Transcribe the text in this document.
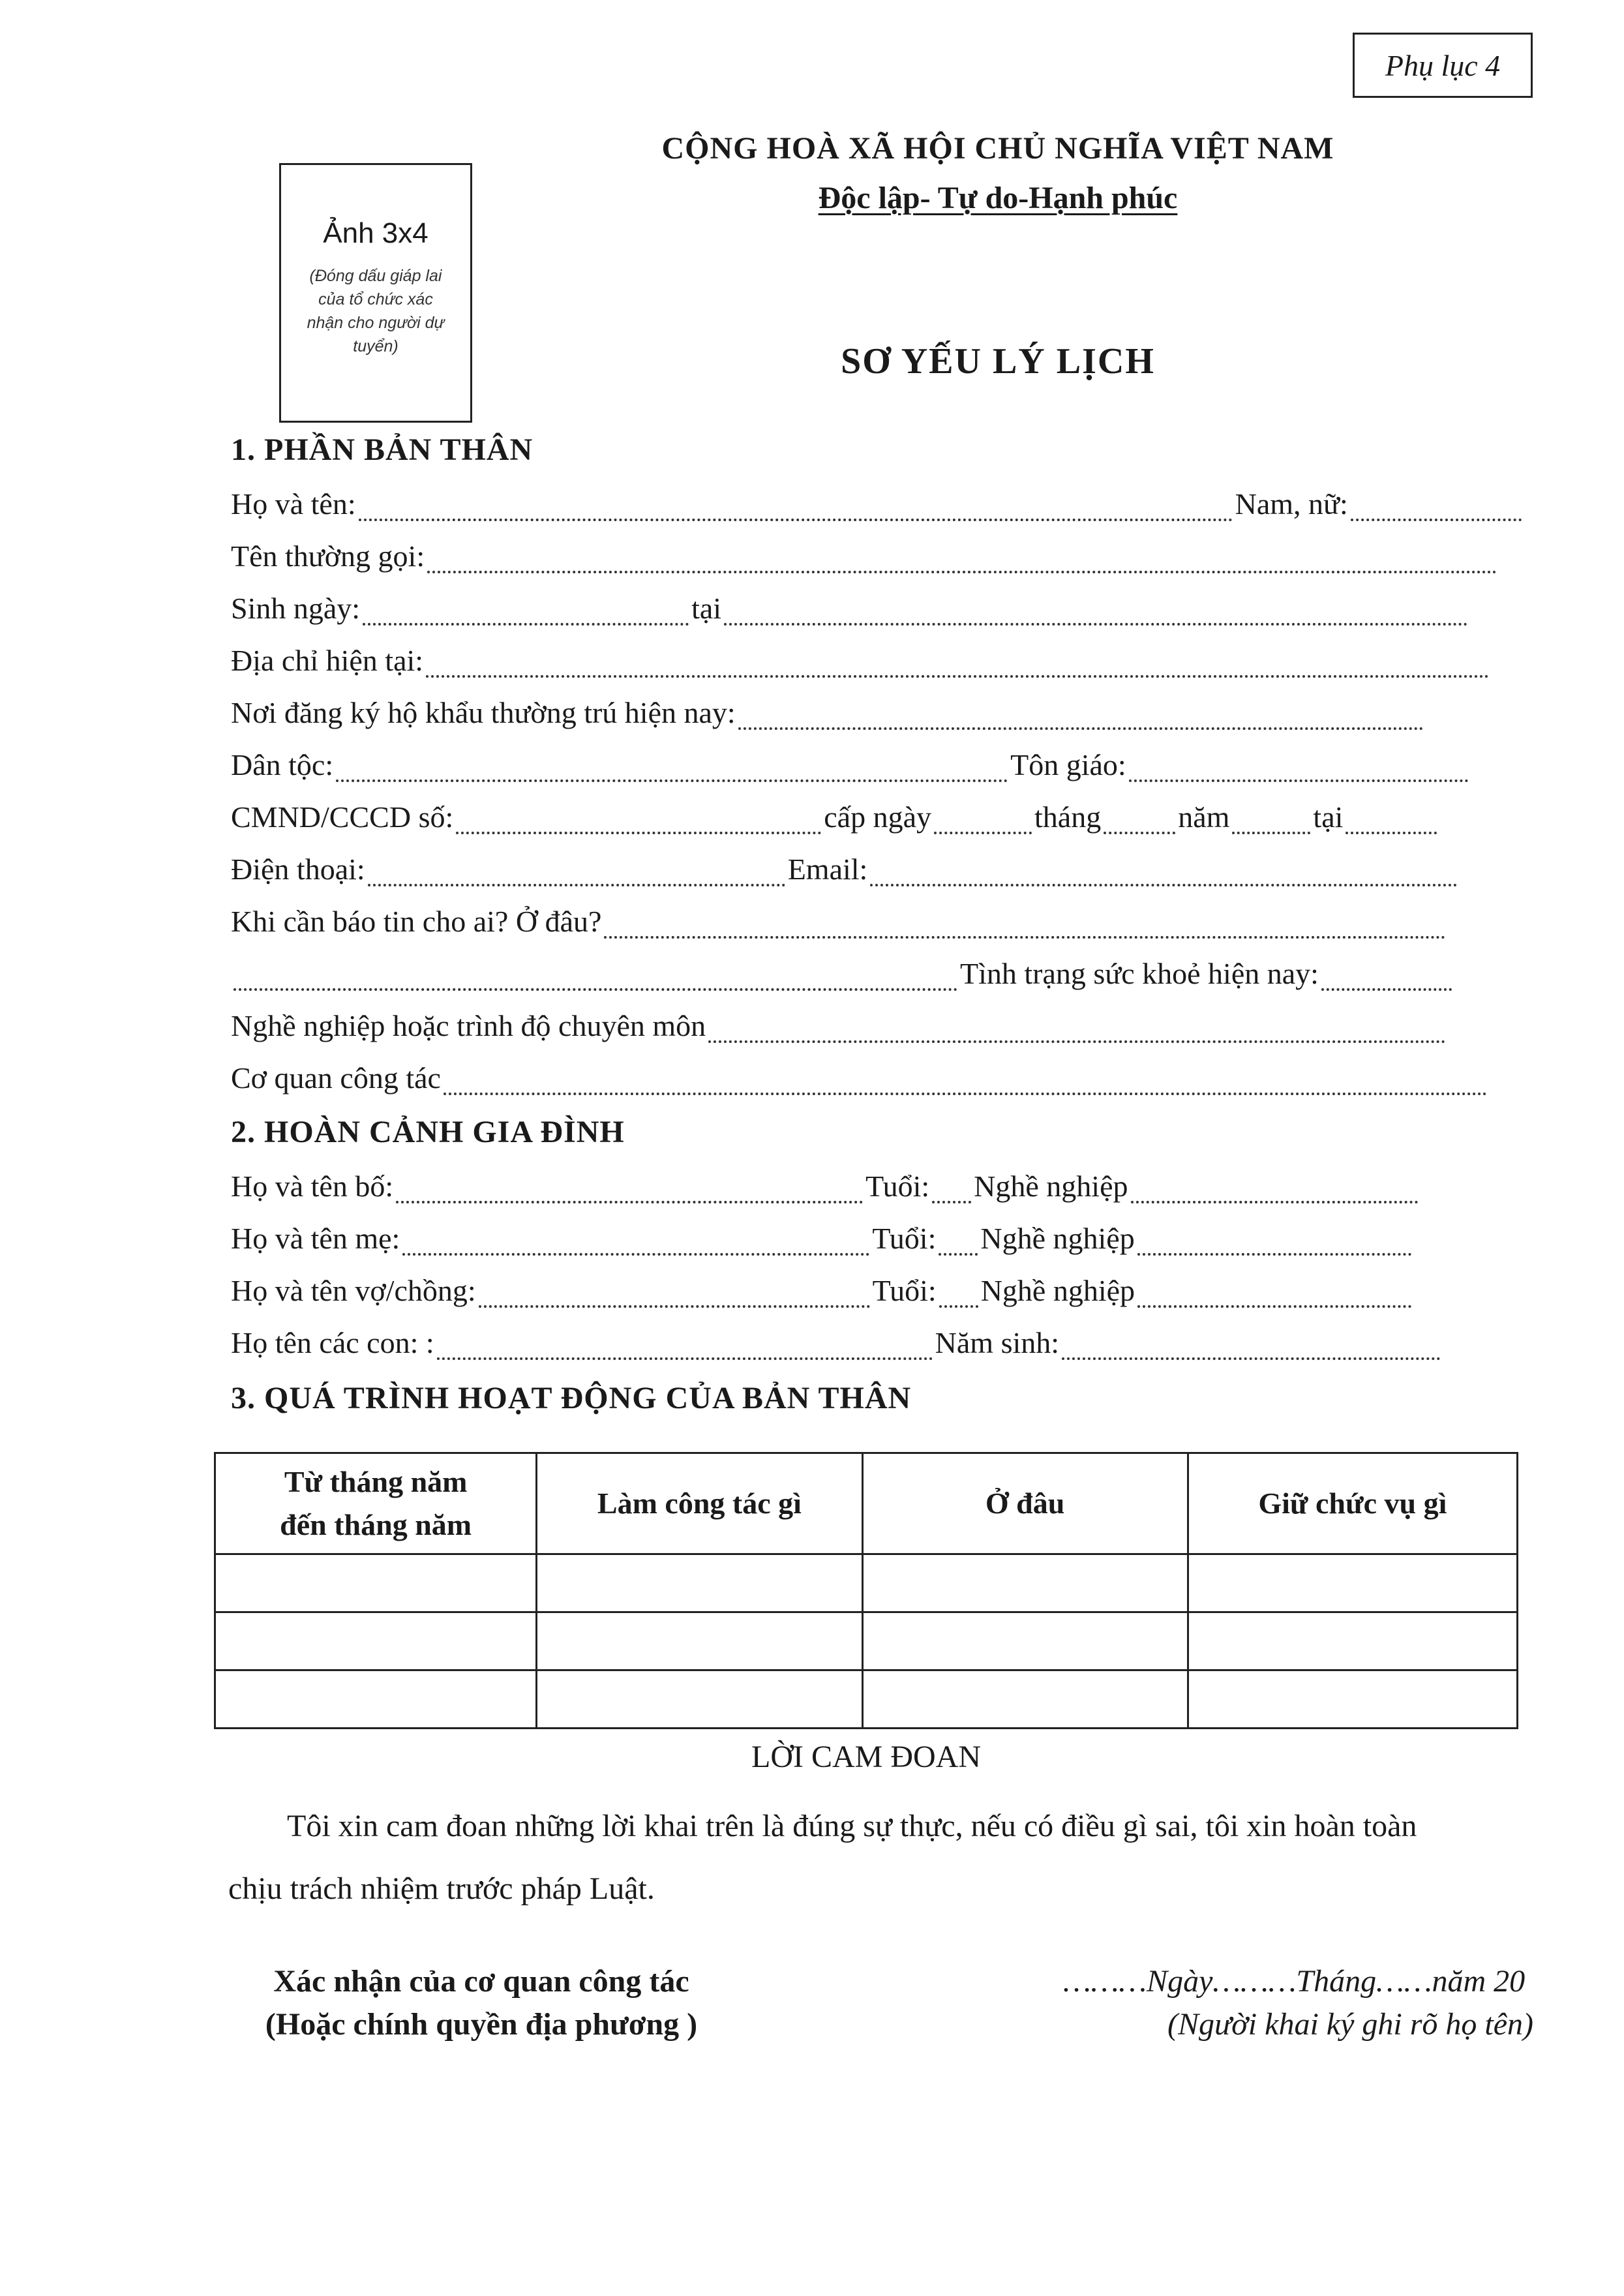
Phụ lục 4
Ảnh 3x4
(Đóng dấu giáp lai của tổ chức xác nhận cho người dự tuyển)
CỘNG HOÀ XÃ HỘI CHỦ NGHĨA VIỆT NAM
Độc lập- Tự do-Hạnh phúc
SƠ YẾU LÝ LỊCH
1. PHẦN BẢN THÂN
Họ và tên:	Nam, nữ:
Tên thường gọi:
Sinh ngày:	tại
Địa chỉ hiện tại:
Nơi đăng ký hộ khẩu thường trú hiện nay:
Dân tộc:	Tôn giáo:
CMND/CCCD số:	cấp ngày	tháng	năm	tại
Điện thoại:	Email:
Khi cần báo tin cho ai? Ở đâu?
Tình trạng sức khoẻ hiện nay:
Nghề nghiệp hoặc trình độ chuyên môn
Cơ quan công tác
2. HOÀN CẢNH GIA ĐÌNH
Họ và tên bố:	Tuổi: Nghề nghiệp
Họ và tên mẹ:	Tuổi: Nghề nghiệp
Họ và tên vợ/chồng:	Tuổi: Nghề nghiệp
Họ tên các con: :	Năm sinh:
3. QUÁ TRÌNH HOẠT ĐỘNG CỦA BẢN THÂN
Từ tháng năm
đến tháng năm	Làm công tác gì	Ở đâu	Giữ chức vụ gì

LỜI CAM ĐOAN
Tôi xin cam đoan những lời khai trên là đúng sự thực, nếu có điều gì sai, tôi xin hoàn toàn
chịu trách nhiệm trước pháp Luật.
Xác nhận của cơ quan công tác
(Hoặc chính quyền địa phương )
………Ngày………Tháng……năm 20
(Người khai ký ghi rõ họ tên)
